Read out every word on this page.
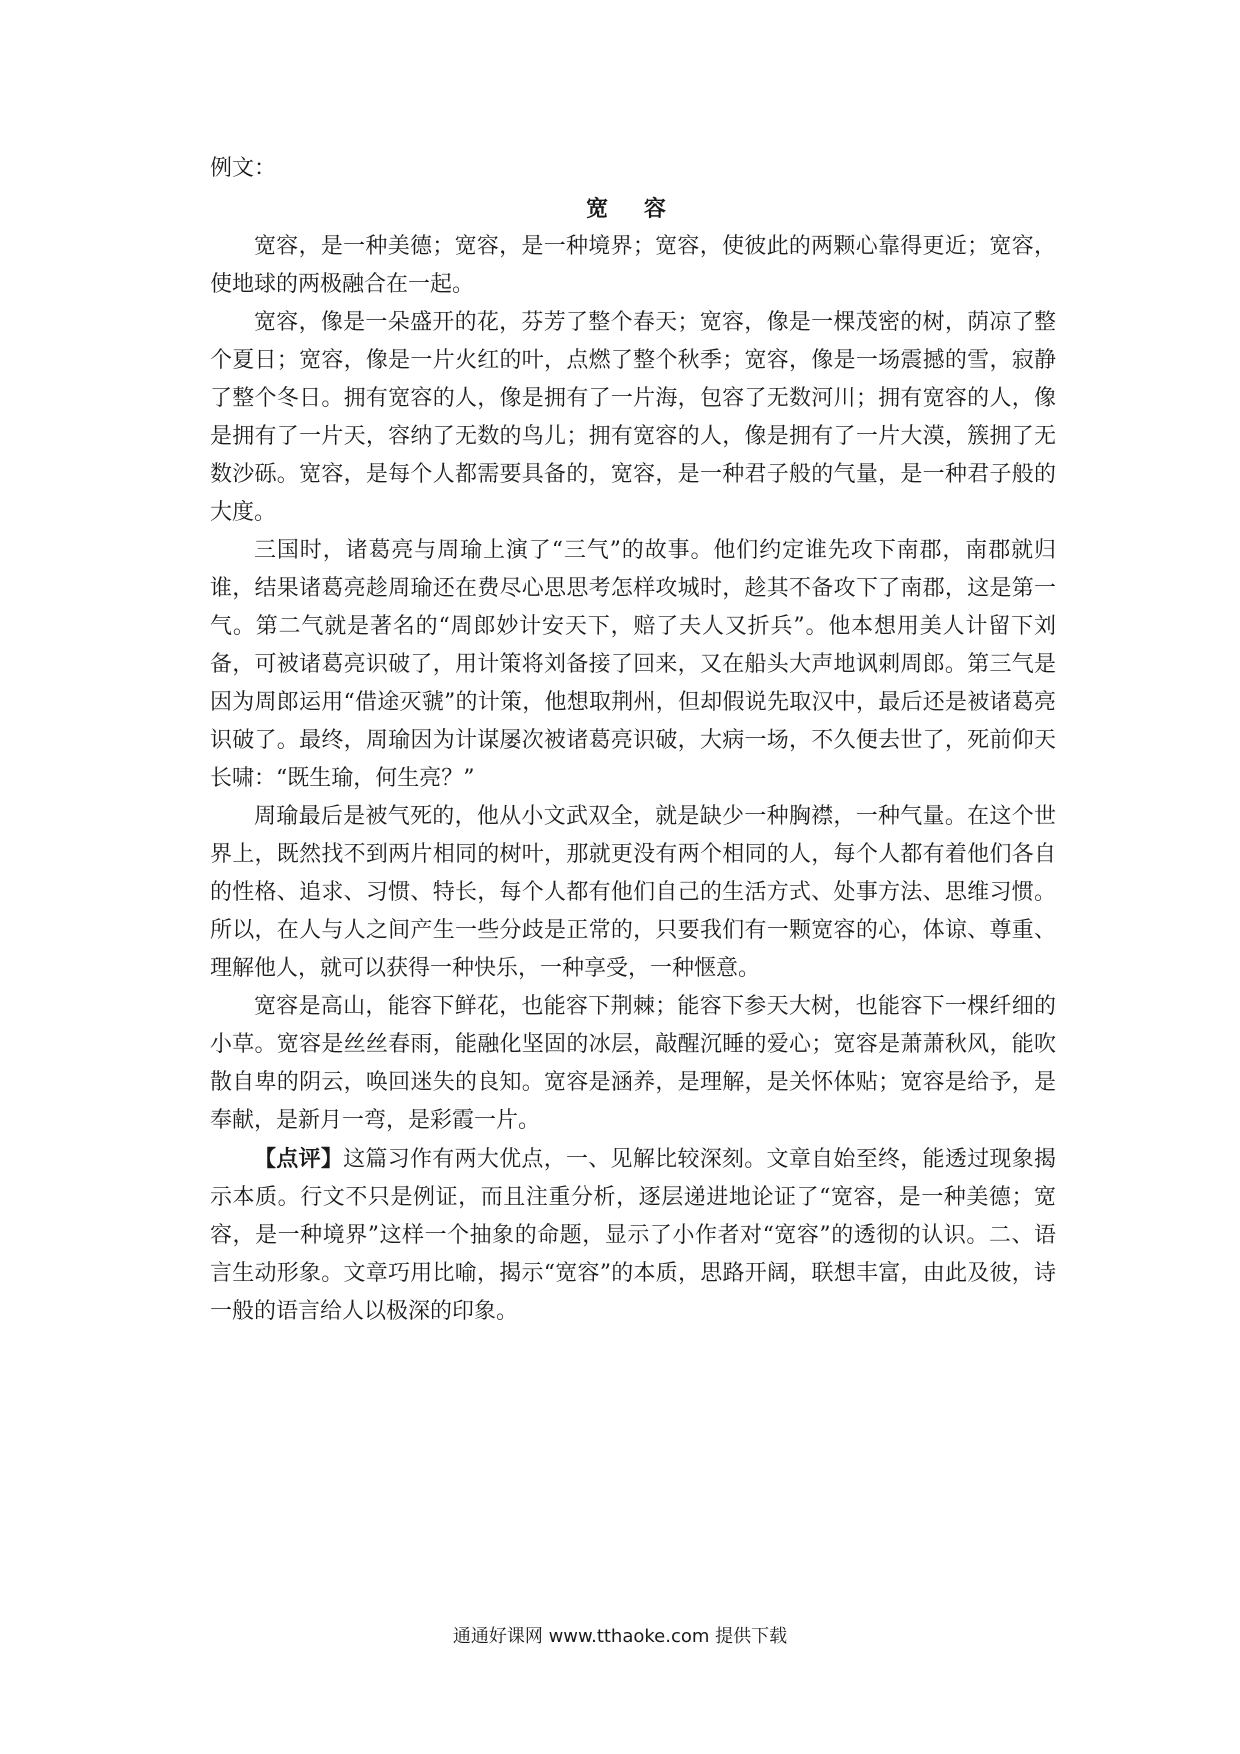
例文：

宽 容

宽容，是一种美德；宽容，是一种境界；宽容，使彼此的两颗心靠得更近；宽容，使地球的两极融合在一起。

宽容，像是一朵盛开的花，芬芳了整个春天；宽容，像是一棵茂密的树，荫凉了整个夏日；宽容，像是一片火红的叶，点燃了整个秋季；宽容，像是一场震撼的雪，寂静了整个冬日。拥有宽容的人，像是拥有了一片海，包容了无数河川；拥有宽容的人，像是拥有了一片天，容纳了无数的鸟儿；拥有宽容的人，像是拥有了一片大漠，簇拥了无数沙砾。宽容，是每个人都需要具备的，宽容，是一种君子般的气量，是一种君子般的大度。

三国时，诸葛亮与周瑜上演了“三气”的故事。他们约定谁先攻下南郡，南郡就归谁，结果诸葛亮趁周瑜还在费尽心思思考怎样攻城时，趁其不备攻下了南郡，这是第一气。第二气就是著名的“周郎妙计安天下，赔了夫人又折兵”。他本想用美人计留下刘备，可被诸葛亮识破了，用计策将刘备接了回来，又在船头大声地讽刺周郎。第三气是因为周郎运用“借途灭虢”的计策，他想取荆州，但却假说先取汉中，最后还是被诸葛亮识破了。最终，周瑜因为计谋屡次被诸葛亮识破，大病一场，不久便去世了，死前仰天长啸：“既生瑜，何生亮？”

周瑜最后是被气死的，他从小文武双全，就是缺少一种胸襟，一种气量。在这个世界上，既然找不到两片相同的树叶，那就更没有两个相同的人，每个人都有着他们各自的性格、追求、习惯、特长，每个人都有他们自己的生活方式、处事方法、思维习惯。所以，在人与人之间产生一些分歧是正常的，只要我们有一颗宽容的心，体谅、尊重、理解他人，就可以获得一种快乐，一种享受，一种惬意。

宽容是高山，能容下鲜花，也能容下荆棘；能容下参天大树，也能容下一棵纤细的小草。宽容是丝丝春雨，能融化坚固的冰层，敲醒沉睡的爱心；宽容是萧萧秋风，能吹散自卑的阴云，唤回迷失的良知。宽容是涵养，是理解，是关怀体贴；宽容是给予，是奉献，是新月一弯，是彩霞一片。

【点评】这篇习作有两大优点，一、见解比较深刻。文章自始至终，能透过现象揭示本质。行文不只是例证，而且注重分析，逐层递进地论证了“宽容，是一种美德；宽容，是一种境界”这样一个抽象的命题，显示了小作者对“宽容”的透彻的认识。二、语言生动形象。文章巧用比喻，揭示“宽容”的本质，思路开阔，联想丰富，由此及彼，诗一般的语言给人以极深的印象。

通通好课网 www.tthaoke.com 提供下载
